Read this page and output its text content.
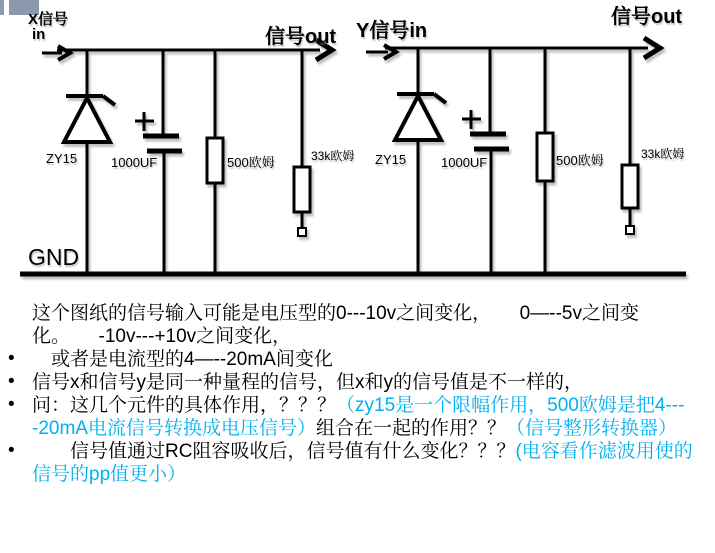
X信号
in	信号out
ZY15	1000UF	500欧姆	33k欧姆
Y信号in
信号out
ZY15	1000UF	500欧姆	33k欧姆
GND
这个图纸的信号输入可能是电压型的0---10v之间变化，　　0—--5v之间变化。　　-10v---+10v之间变化，
• 　或者是电流型的4—--20mA间变化
• 信号x和信号y是同一种量程的信号，但x和y的信号值是不一样的，
• 问：这几个元件的具体作用，？？？（zy15是一个限幅作用，500欧姆是把4----20mA电流信号转换成电压信号）组合在一起的作用？？（信号整形转换器）
• 　　信号值通过RC阻容吸收后，信号值有什么变化？？？(电容看作滤波用使的信号的pp值更小）
